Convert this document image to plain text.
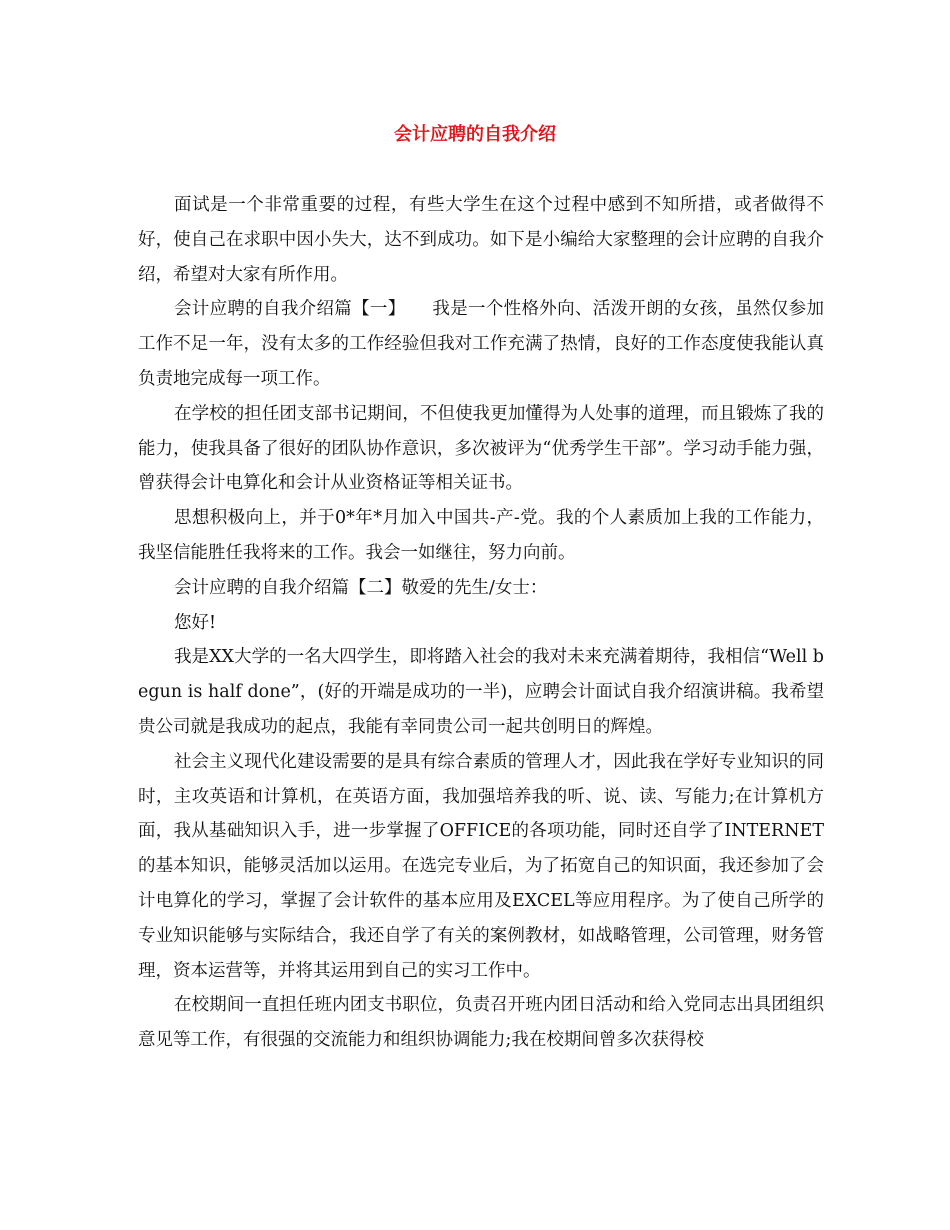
会计应聘的自我介绍

面试是一个非常重要的过程，有些大学生在这个过程中感到不知所措，或者做得不好，使自己在求职中因小失大，达不到成功。如下是小编给大家整理的会计应聘的自我介绍，希望对大家有所作用。

会计应聘的自我介绍篇【一】　　我是一个性格外向、活泼开朗的女孩，虽然仅参加工作不足一年，没有太多的工作经验但我对工作充满了热情，良好的工作态度使我能认真负责地完成每一项工作。

在学校的担任团支部书记期间，不但使我更加懂得为人处事的道理，而且锻炼了我的能力，使我具备了很好的团队协作意识，多次被评为“优秀学生干部”。学习动手能力强，曾获得会计电算化和会计从业资格证等相关证书。

思想积极向上，并于0*年*月加入中国共-产-党。我的个人素质加上我的工作能力，我坚信能胜任我将来的工作。我会一如继往，努力向前。

会计应聘的自我介绍篇【二】敬爱的先生/女士：

您好!

我是XX大学的一名大四学生，即将踏入社会的我对未来充满着期待，我相信“Well begun is half done”，(好的开端是成功的一半)，应聘会计面试自我介绍演讲稿。我希望贵公司就是我成功的起点，我能有幸同贵公司一起共创明日的辉煌。

社会主义现代化建设需要的是具有综合素质的管理人才，因此我在学好专业知识的同时，主攻英语和计算机，在英语方面，我加强培养我的听、说、读、写能力;在计算机方面，我从基础知识入手，进一步掌握了OFFICE的各项功能，同时还自学了INTERNET的基本知识，能够灵活加以运用。在选完专业后，为了拓宽自己的知识面，我还参加了会计电算化的学习，掌握了会计软件的基本应用及EXCEL等应用程序。为了使自己所学的专业知识能够与实际结合，我还自学了有关的案例教材，如战略管理，公司管理，财务管理，资本运营等，并将其运用到自己的实习工作中。

在校期间一直担任班内团支书职位，负责召开班内团日活动和给入党同志出具团组织意见等工作，有很强的交流能力和组织协调能力;我在校期间曾多次获得校
